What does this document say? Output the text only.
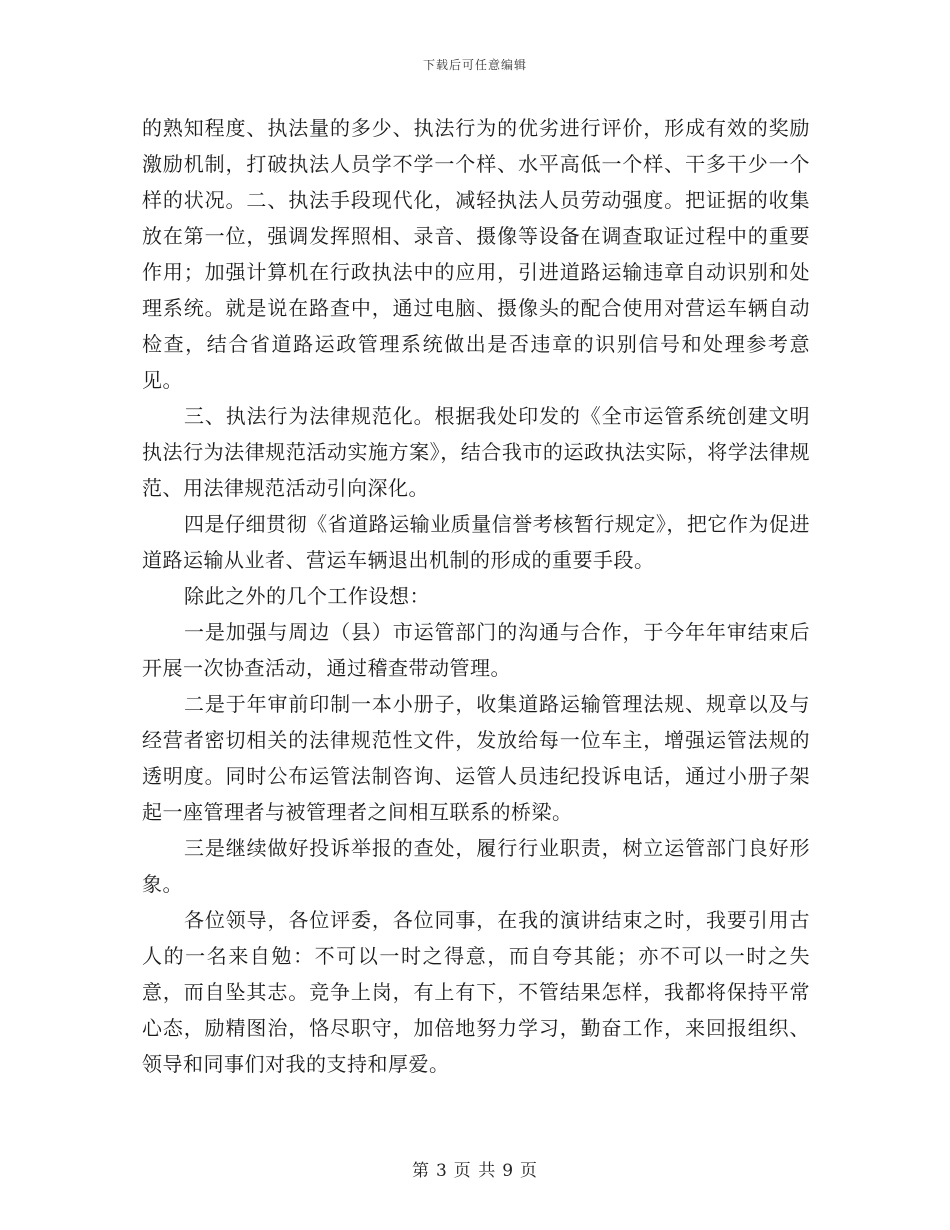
下载后可任意编辑

的熟知程度、执法量的多少、执法行为的优劣进行评价，形成有效的奖励激励机制，打破执法人员学不学一个样、水平高低一个样、干多干少一个样的状况。二、执法手段现代化，减轻执法人员劳动强度。把证据的收集放在第一位，强调发挥照相、录音、摄像等设备在调查取证过程中的重要作用；加强计算机在行政执法中的应用，引进道路运输违章自动识别和处理系统。就是说在路查中，通过电脑、摄像头的配合使用对营运车辆自动检查，结合省道路运政管理系统做出是否违章的识别信号和处理参考意见。

三、执法行为法律规范化。根据我处印发的《全市运管系统创建文明执法行为法律规范活动实施方案》，结合我市的运政执法实际，将学法律规范、用法律规范活动引向深化。

四是仔细贯彻《省道路运输业质量信誉考核暂行规定》，把它作为促进道路运输从业者、营运车辆退出机制的形成的重要手段。

除此之外的几个工作设想：

一是加强与周边（县）市运管部门的沟通与合作，于今年年审结束后开展一次协查活动，通过稽查带动管理。

二是于年审前印制一本小册子，收集道路运输管理法规、规章以及与经营者密切相关的法律规范性文件，发放给每一位车主，增强运管法规的透明度。同时公布运管法制咨询、运管人员违纪投诉电话，通过小册子架起一座管理者与被管理者之间相互联系的桥梁。

三是继续做好投诉举报的查处，履行行业职责，树立运管部门良好形象。

各位领导，各位评委，各位同事，在我的演讲结束之时，我要引用古人的一名来自勉：不可以一时之得意，而自夸其能；亦不可以一时之失意，而自坠其志。竞争上岗，有上有下，不管结果怎样，我都将保持平常心态，励精图治，恪尽职守，加倍地努力学习，勤奋工作，来回报组织、领导和同事们对我的支持和厚爱。

第 3 页 共 9 页
